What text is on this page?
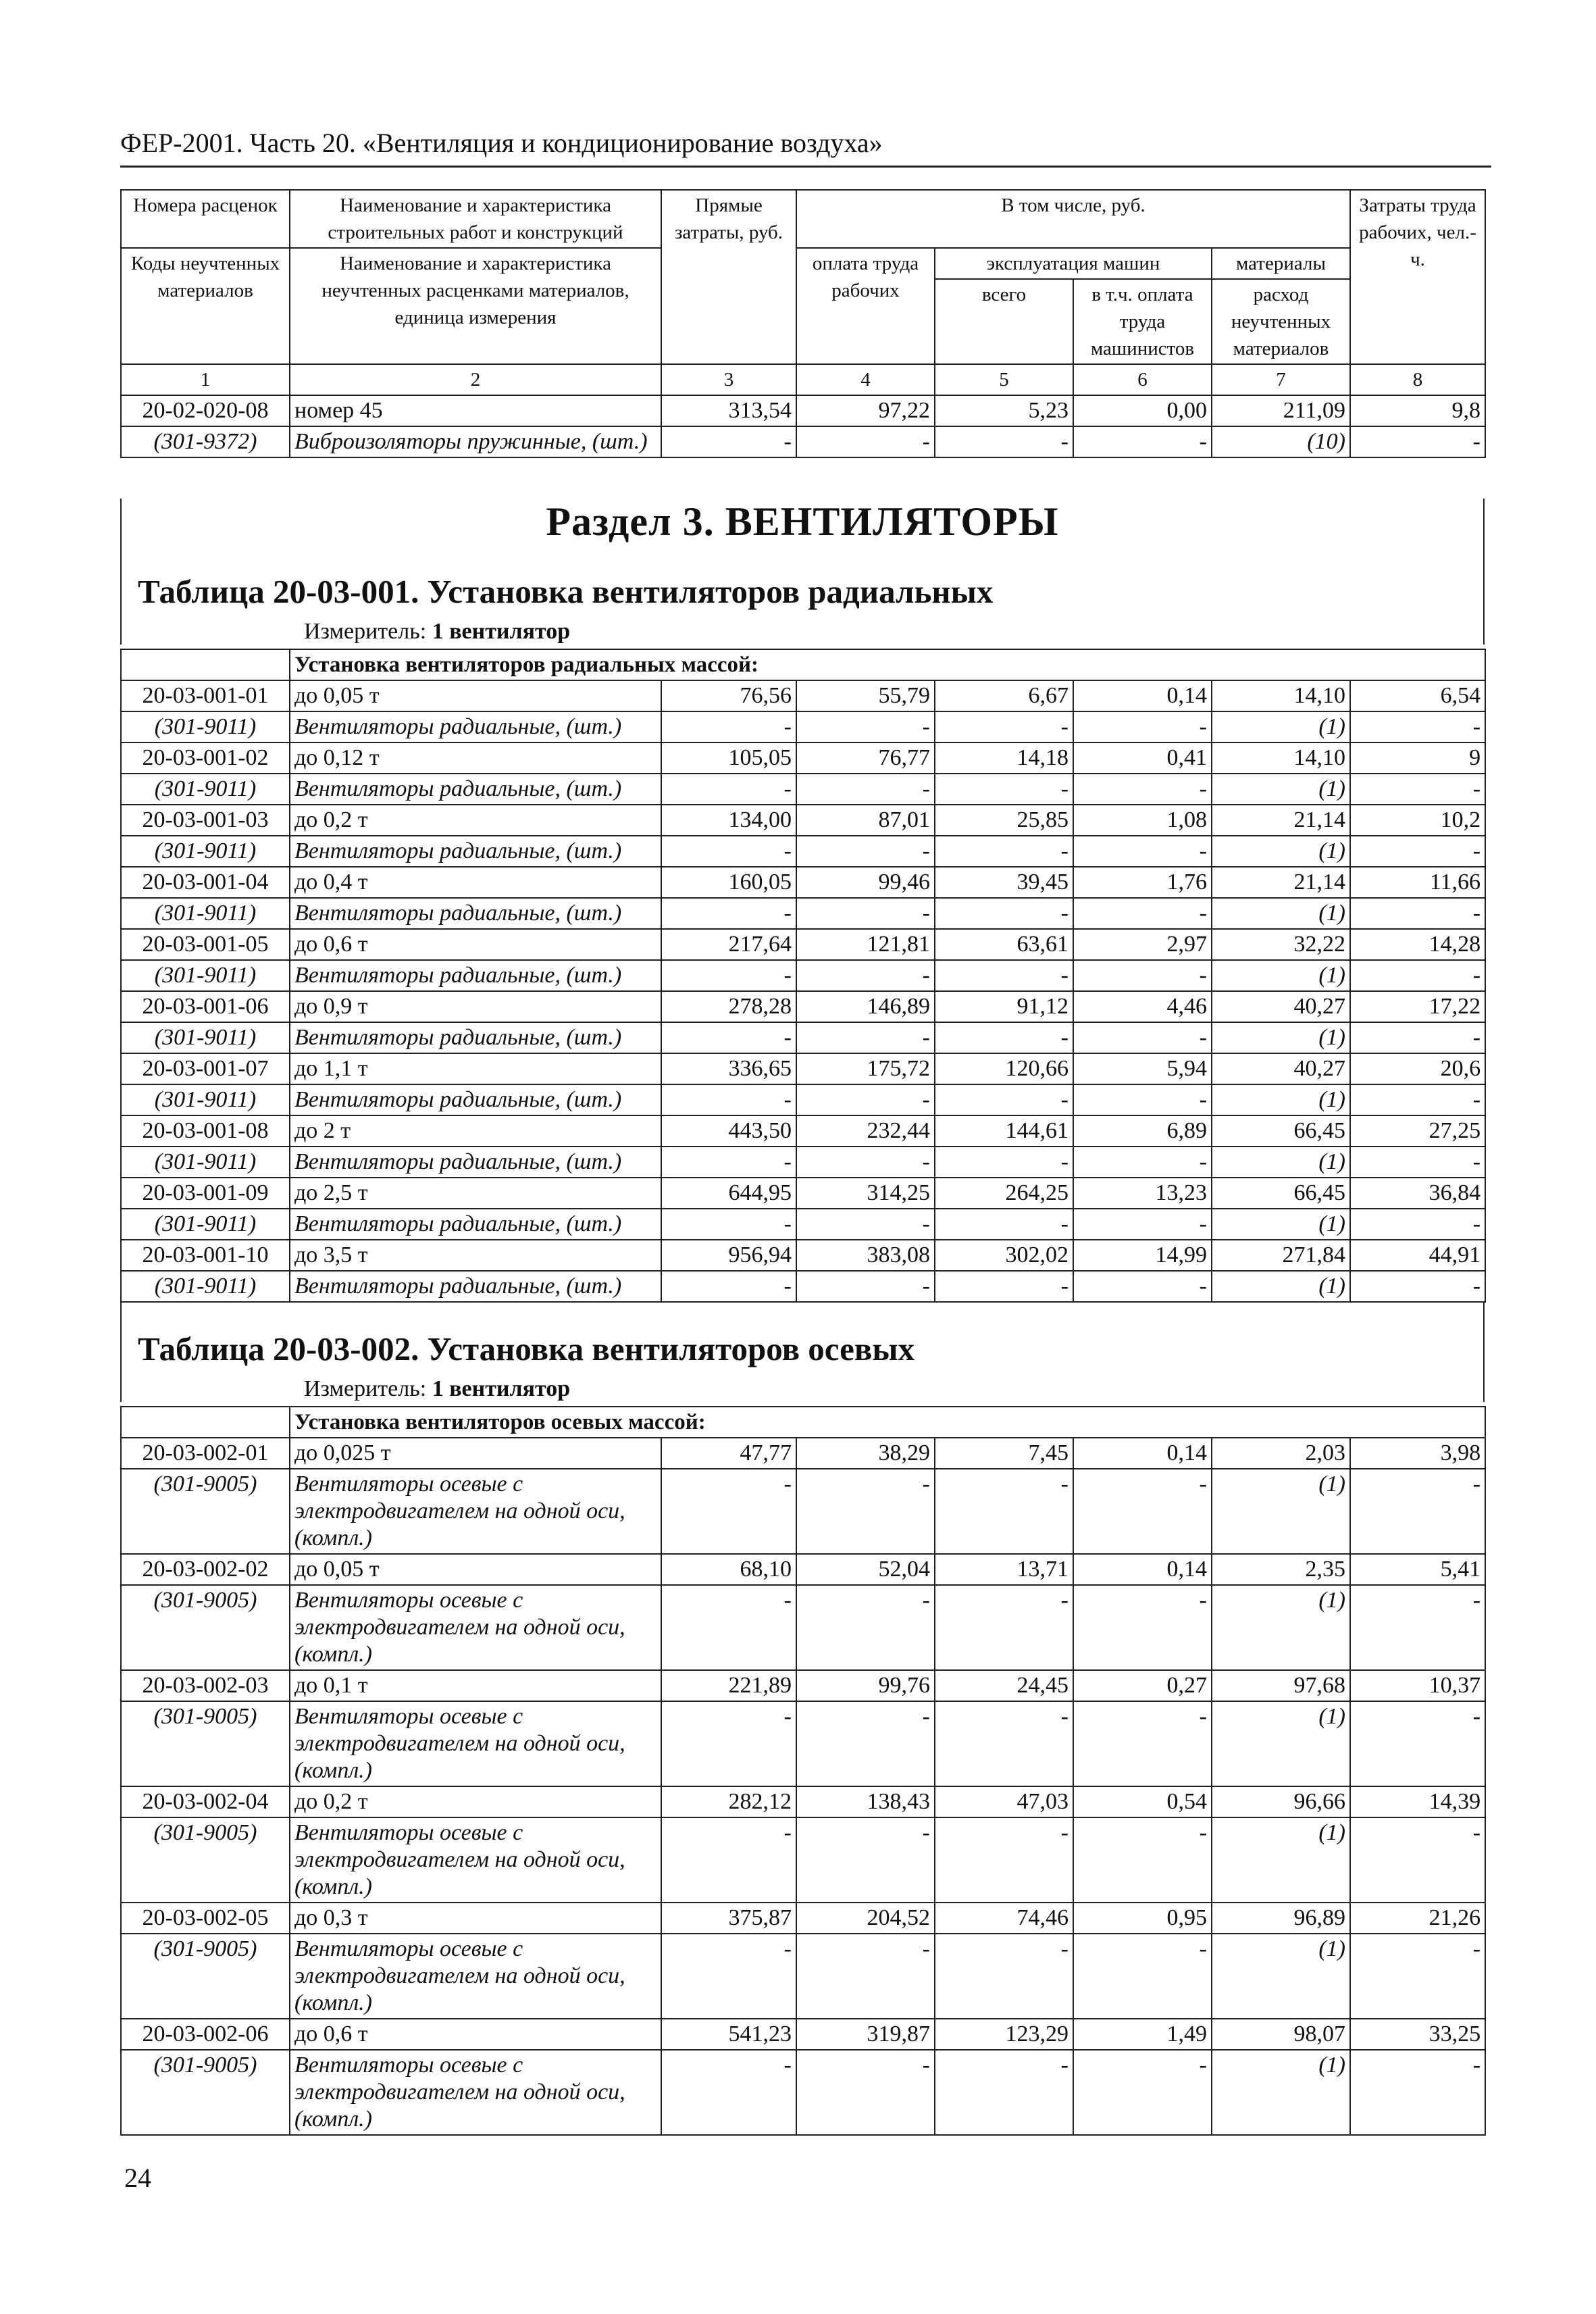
ФЕР-2001. Часть 20. «Вентиляция и кондиционирование воздуха»
Номера расценок	Наименование и характеристика строительных работ и конструкций	Прямые затраты, руб.	В том числе, руб.				Затраты труда рабочих, чел.-ч.
Коды неучтенных материалов	Наименование и характеристика неучтенных расценками материалов, единица измерения		оплата труда рабочих	эксплуатация машин		материалы	
				всего	в т.ч. оплата труда машинистов	расход неучтенных материалов	
1	2	3	4	5	6	7	8
20-02-020-08	номер 45	313,54	97,22	5,23	0,00	211,09	9,8
(301-9372)	Виброизоляторы пружинные, (шт.)	-	-	-	-	(10)	-
Раздел 3. ВЕНТИЛЯТОРЫ
Таблица 20-03-001. Установка вентиляторов радиальных
Измеритель: 1 вентилятор
	Установка вентиляторов радиальных массой:						
20-03-001-01	до 0,05 т	76,56	55,79	6,67	0,14	14,10	6,54
(301-9011)	Вентиляторы радиальные, (шт.)	-	-	-	-	(1)	-
20-03-001-02	до 0,12 т	105,05	76,77	14,18	0,41	14,10	9
(301-9011)	Вентиляторы радиальные, (шт.)	-	-	-	-	(1)	-
20-03-001-03	до 0,2 т	134,00	87,01	25,85	1,08	21,14	10,2
(301-9011)	Вентиляторы радиальные, (шт.)	-	-	-	-	(1)	-
20-03-001-04	до 0,4 т	160,05	99,46	39,45	1,76	21,14	11,66
(301-9011)	Вентиляторы радиальные, (шт.)	-	-	-	-	(1)	-
20-03-001-05	до 0,6 т	217,64	121,81	63,61	2,97	32,22	14,28
(301-9011)	Вентиляторы радиальные, (шт.)	-	-	-	-	(1)	-
20-03-001-06	до 0,9 т	278,28	146,89	91,12	4,46	40,27	17,22
(301-9011)	Вентиляторы радиальные, (шт.)	-	-	-	-	(1)	-
20-03-001-07	до 1,1 т	336,65	175,72	120,66	5,94	40,27	20,6
(301-9011)	Вентиляторы радиальные, (шт.)	-	-	-	-	(1)	-
20-03-001-08	до 2 т	443,50	232,44	144,61	6,89	66,45	27,25
(301-9011)	Вентиляторы радиальные, (шт.)	-	-	-	-	(1)	-
20-03-001-09	до 2,5 т	644,95	314,25	264,25	13,23	66,45	36,84
(301-9011)	Вентиляторы радиальные, (шт.)	-	-	-	-	(1)	-
20-03-001-10	до 3,5 т	956,94	383,08	302,02	14,99	271,84	44,91
(301-9011)	Вентиляторы радиальные, (шт.)	-	-	-	-	(1)	-
Таблица 20-03-002. Установка вентиляторов осевых
Измеритель: 1 вентилятор
	Установка вентиляторов осевых массой:						
20-03-002-01	до 0,025 т	47,77	38,29	7,45	0,14	2,03	3,98
(301-9005)	Вентиляторы осевые с электродвигателем на одной оси, (компл.)	-	-	-	-	(1)	-
20-03-002-02	до 0,05 т	68,10	52,04	13,71	0,14	2,35	5,41
(301-9005)	Вентиляторы осевые с электродвигателем на одной оси, (компл.)	-	-	-	-	(1)	-
20-03-002-03	до 0,1 т	221,89	99,76	24,45	0,27	97,68	10,37
(301-9005)	Вентиляторы осевые с электродвигателем на одной оси, (компл.)	-	-	-	-	(1)	-
20-03-002-04	до 0,2 т	282,12	138,43	47,03	0,54	96,66	14,39
(301-9005)	Вентиляторы осевые с электродвигателем на одной оси, (компл.)	-	-	-	-	(1)	-
20-03-002-05	до 0,3 т	375,87	204,52	74,46	0,95	96,89	21,26
(301-9005)	Вентиляторы осевые с электродвигателем на одной оси, (компл.)	-	-	-	-	(1)	-
20-03-002-06	до 0,6 т	541,23	319,87	123,29	1,49	98,07	33,25
(301-9005)	Вентиляторы осевые с электродвигателем на одной оси, (компл.)	-	-	-	-	(1)	-
24
